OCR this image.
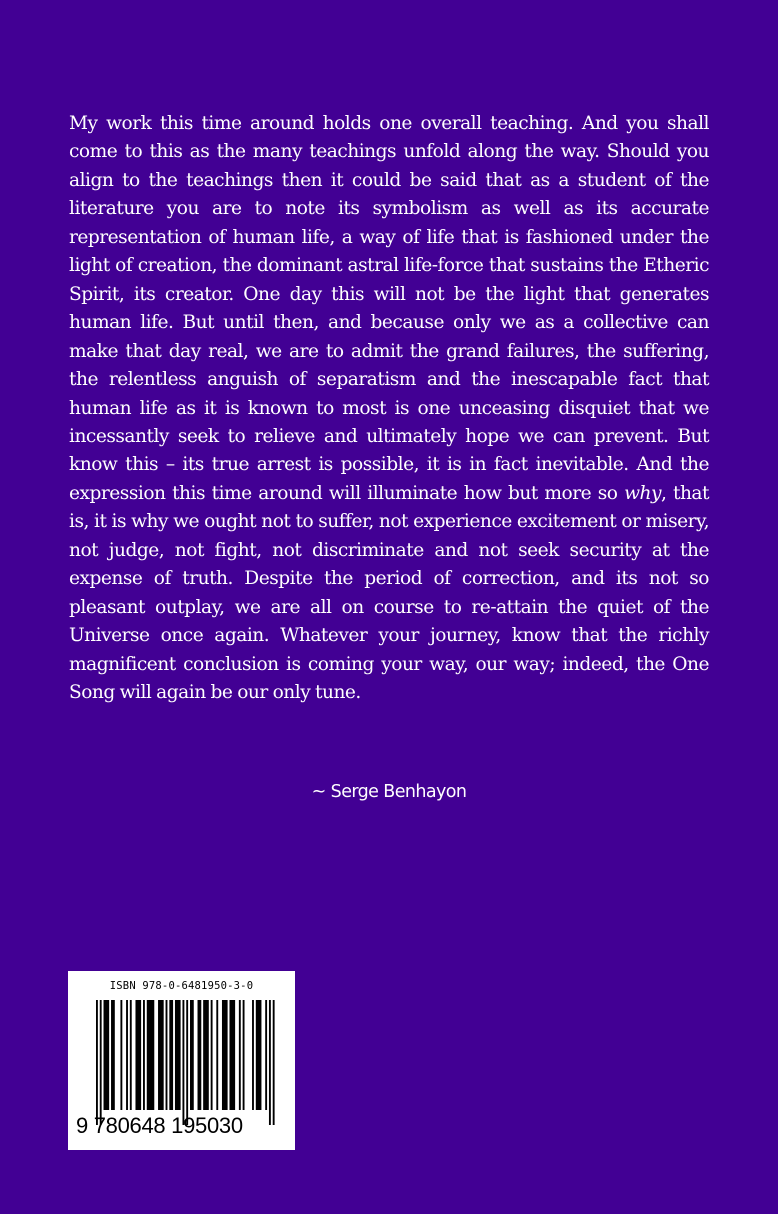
My work this time around holds one overall teaching. And you shall come to this as the many teachings unfold along the way. Should you align to the teachings then it could be said that as a student of the literature you are to note its symbolism as well as its accurate representation of human life, a way of life that is fashioned under the light of creation, the dominant astral life-force that sustains the Etheric Spirit, its creator. One day this will not be the light that generates human life. But until then, and because only we as a collective can make that day real, we are to admit the grand failures, the suffering, the relentless anguish of separatism and the inescapable fact that human life as it is known to most is one unceasing disquiet that we incessantly seek to relieve and ultimately hope we can prevent. But know this – its true arrest is possible, it is in fact inevitable. And the expression this time around will illuminate how but more so why, that is, it is why we ought not to suffer, not experience excitement or misery, not judge, not fight, not discriminate and not seek security at the expense of truth. Despite the period of correction, and its not so pleasant outplay, we are all on course to re-attain the quiet of the Universe once again. Whatever your journey, know that the richly magnificent conclusion is coming your way, our way; indeed, the One Song will again be our only tune.

~ Serge Benhayon
ISBN 978-0-6481950-3-0
9 780648 195030
